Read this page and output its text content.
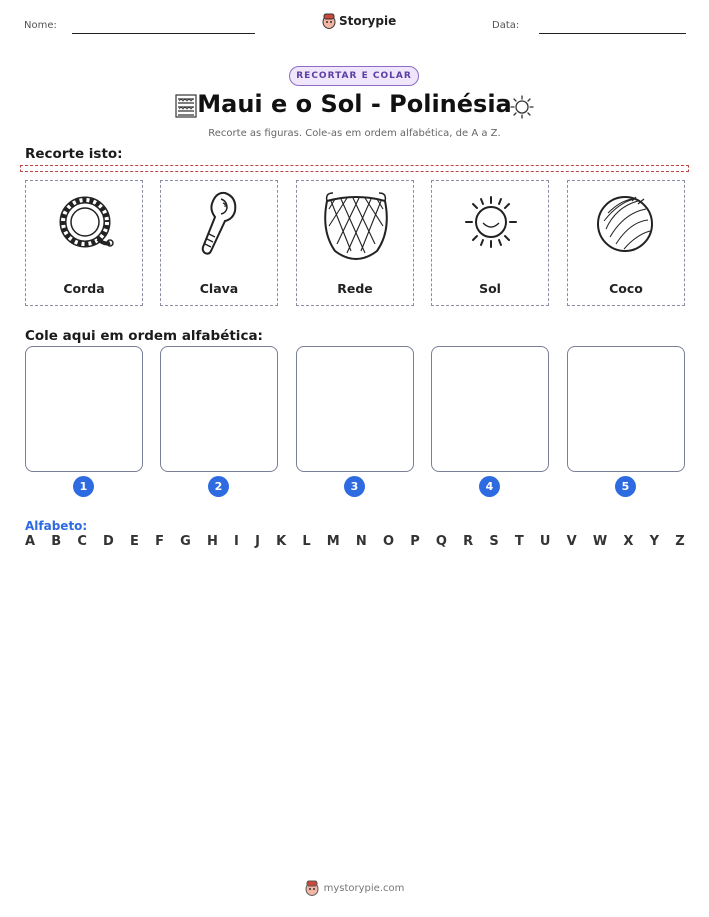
Nome:	Storypie	Data:
RECORTAR E COLAR
Maui e o Sol - Polinésia
Recorte as figuras. Cole-as em ordem alfabética, de A a Z.
Recorte isto:
Corda	Clava	Rede	Sol	Coco
Cole aqui em ordem alfabética:
1	2	3	4	5
Alfabeto:
A B C D E F G H I J K L M N O P Q R S T U V W X Y Z
mystorypie.com
